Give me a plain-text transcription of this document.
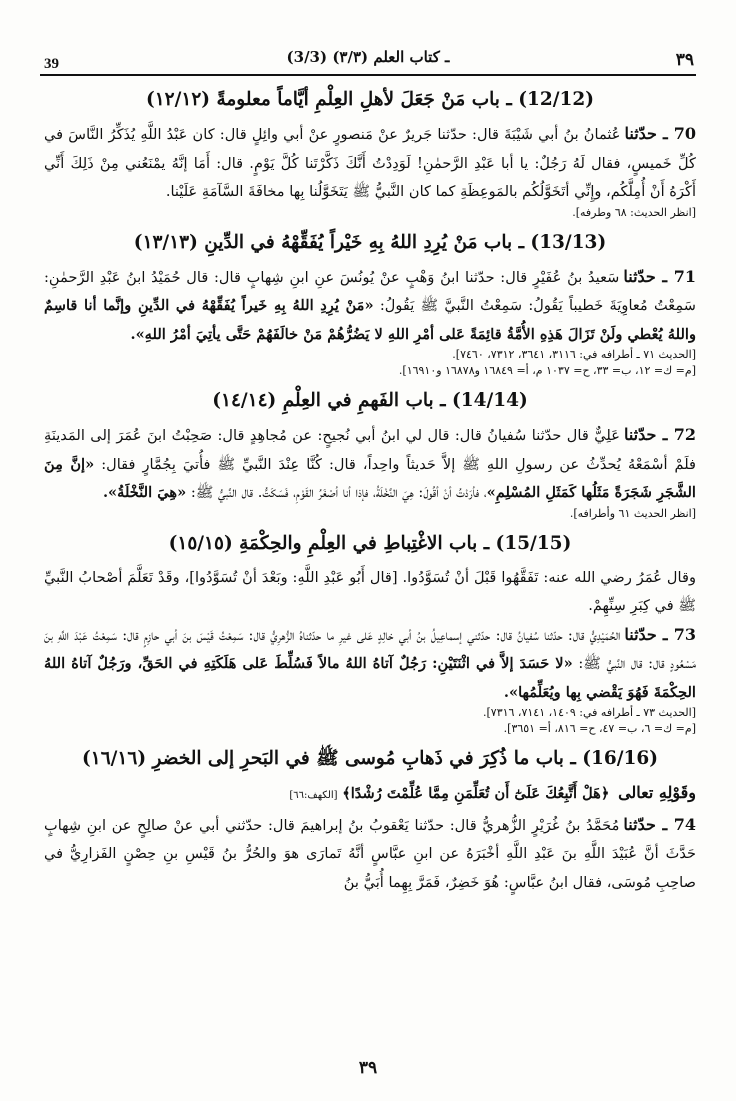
39	(3/3) ـ كتاب العلم (٣/٣)	٣٩
(12/12) ـ باب مَنْ جَعَلَ لأهلِ العِلْمِ أيَّاماً معلومةً (١٢/١٢)

70 ـ حدّثناعُثمانُ بنُ أبي شَيْبَةَ قال: حدّثنا جَريرٌ عنْ مَنصورٍ عنْ أبي وائِلٍ قال: كان عَبْدُ اللَّهِ يُذَكِّرُ النَّاسَ في كُلِّ خَميسٍ، فقال لَهُ رَجُلٌ: يا أبا عَبْدِ الرَّحمٰنِ! لَوَدِدْتُ أَنَّكَ ذَكَّرْتَنا كُلَّ يَوْمٍ. قال: أَمَا إنَّهُ يمْنَعُني مِنْ ذَلِكَ أَنِّي أَكْرَهُ أَنْ أُمِلَّكُم، وإِنِّي أتَخَوَّلُكُم بالمَوعِظَةِ كما كان النَّبيُّ ﷺ يَتَخَوَّلُنا بِها مخافَةَ السَّآمَةِ عَلَيْنا.
[انظر الحديث: ٦٨ وطرفه].

(13/13) ـ باب مَنْ يُرِدِ اللهُ بِهِ خَيْراً يُفَقِّهْهُ في الدِّينِ (١٣/١٣)

71 ـ حدّثناسَعيدُ بنُ عُفَيْرٍ قال: حدّثنا ابنُ وَهْبٍ عنْ يُونُسَ عنِ ابنِ شِهابٍ قال: قال حُمَيْدُ ابنُ عَبْدِ الرَّحمٰنِ: سَمِعْتُ مُعاوِيَةَ خَطيباً يَقُولُ: سَمِعْتُ النَّبيَّ ﷺ يَقُولُ: «مَنْ يُرِدِ اللهُ بِهِ خَيراً يُفَقِّهْهُ في الدِّينِ وإنَّما أنا قاسِمٌ واللهُ يُعْطي ولَنْ تَزَالَ هَذِهِ الأُمَّةُ قائِمَةً عَلى أمْرِ اللهِ لا يَضُرُّهُمْ مَنْ خالَفَهُمْ حَتَّى يأتِيَ أمْرُ اللهِ».
[الحديث ٧١ ـ أطرافه في: ٣١١٦، ٣٦٤١، ٧٣١٢، ٧٤٦٠].
[م= ك= ١٢، ب= ٣٣، ح= ١٠٣٧ م، أ= ١٦٨٤٩ و١٦٨٧٨ و١٦٩١٠].

(14/14) ـ باب الفَهمِ في العِلْمِ (١٤/١٤)

72 ـ حدّثناعَلِيٌّ قال حدّثنا سُفيانُ قال: قال لي ابنُ أبي نُجيحٍ: عن مُجاهِدٍ قال: صَحِبْتُ ابنَ عُمَرَ إلى المَدينَةِ فلَمْ أسْمَعْهُ يُحدِّثُ عن رسولِ اللهِ ﷺ إلاَّ حَديثاً واحِداً، قال: كُنَّا عِنْدَ النَّبيِّ ﷺ فأُتيَ بِجُمَّارٍ فقال: «إنَّ مِنَ الشَّجَرِ شَجَرَةً مَثَلُها كَمَثَلِ المُسْلِمِ»، فأرَدْتُ أنْ أقُولَ: هِيَ النَّخْلَةُ، فإذا أنا أصْغَرُ القَوْمِ، فَسَكَتُّ. قال النَّبيُّ ﷺ: «هِيَ النَّخْلَةُ».
[انظر الحديث ٦١ وأطرافه].

(15/15) ـ باب الاغْتِباطِ في العِلْمِ والحِكْمَةِ (١٥/١٥)

وقال عُمَرُ رضي الله عنه: تَفَقَّهُوا قَبْلَ أنْ تُسَوَّدُوا. [قال أَبُو عَبْدِ اللَّهِ: وبَعْدَ أنْ تُسَوَّدُوا]، وقَدْ تَعَلَّمَ أصْحابُ النَّبيِّ ﷺ في كِبَرِ سِنِّهِمْ.

73 ـ حدّثناالحُمَيْدِيُّ قال: حدّثنا سُفيانُ قال: حدّثني إسماعِيلُ بنُ أبي خالِدٍ عَلى غيرِ ما حدّثناهُ الزُّهرِيُّ قال: سَمِعْتُ قَيْسَ بنَ أبي حازِمٍ قال: سَمِعْتُ عَبْدَ اللَّهِ بنَ مَسْعُودٍ قال: قال النَّبيُّ ﷺ: «لا حَسَدَ إلاَّ في اثْنَتَيْنِ: رَجُلٌ آتاهُ اللهُ مالاً فَسُلِّطَ عَلى هَلَكَتِهِ في الحَقِّ، ورَجُلٌ آتاهُ اللهُ الحِكْمَةَ فَهُوَ يَقْضي بِها ويُعَلِّمُها».
[الحديث ٧٣ ـ أطرافه في: ١٤٠٩، ٧١٤١، ٧٣١٦].
[م= ك= ٦، ب= ٤٧، ح= ٨١٦، أ= ٣٦٥١].

(16/16) ـ باب ما ذُكِرَ في ذَهابِ مُوسى ﷺ في البَحرِ إلى الخضرِ (١٦/١٦)

وقَوْلِهِ تعالى ﴿هَلْ أَتَّبِعُكَ عَلَىٰٓ أَن تُعَلِّمَنِ مِمَّا عُلِّمْتَ رُشْدًا﴾ [الكهف:٦٦]

74 ـ حدّثنامُحَمَّدُ بنُ غُرَيْرٍ الزُّهريُّ قال: حدّثنا يَعْقوبُ بنُ إبراهيمَ قال: حدّثني أبي عنْ صالِحٍ عن ابنِ شِهابٍ حَدَّثَ أنَّ عُبَيْدَ اللَّهِ بنَ عَبْدِ اللَّهِ أخْبَرَهُ عن ابنِ عبَّاسٍ أنَّهُ تَمارَى هوَ والحُرُّ بنُ قَيْسِ بنِ حِصْنٍ الفَزارِيُّ في صاحِبِ مُوسَى، فقال ابنُ عبَّاسٍ: هُوَ خَضِرٌ، فَمَرَّ بِهِما أُبَيُّ بنُ

٣٩
